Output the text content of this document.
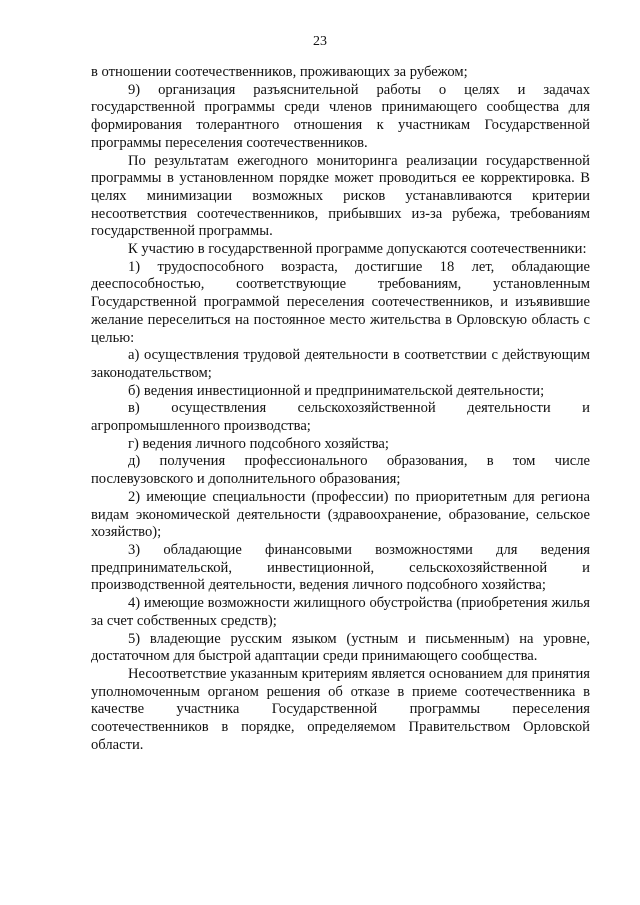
23

в отношении соотечественников, проживающих за рубежом;

9) организация разъяснительной работы о целях и задачах государственной программы среди членов принимающего сообщества для формирования толерантного отношения к участникам Государственной программы переселения соотечественников.

По результатам ежегодного мониторинга реализации государственной программы в установленном порядке может проводиться ее корректировка. В целях минимизации возможных рисков устанавливаются критерии несоответствия соотечественников, прибывших из-за рубежа, требованиям государственной программы.

К участию в государственной программе допускаются соотечественники:

1) трудоспособного возраста, достигшие 18 лет, обладающие дееспособностью, соответствующие требованиям, установленным Государственной программой переселения соотечественников, и изъявившие желание переселиться на постоянное место жительства в Орловскую область с целью:

а) осуществления трудовой деятельности в соответствии с действующим законодательством;

б) ведения инвестиционной и предпринимательской деятельности;

в) осуществления сельскохозяйственной деятельности и агропромышленного производства;

г) ведения личного подсобного хозяйства;

д) получения профессионального образования, в том числе послевузовского и дополнительного образования;

2) имеющие специальности (профессии) по приоритетным для региона видам экономической деятельности (здравоохранение, образование, сельское хозяйство);

3) обладающие финансовыми возможностями для ведения предпринимательской, инвестиционной, сельскохозяйственной и производственной деятельности, ведения личного подсобного хозяйства;

4) имеющие возможности жилищного обустройства (приобретения жилья за счет собственных средств);

5) владеющие русским языком (устным и письменным) на уровне, достаточном для быстрой адаптации среди принимающего сообщества.

Несоответствие указанным критериям является основанием для принятия уполномоченным органом решения об отказе в приеме соотечественника в качестве участника Государственной программы переселения соотечественников в порядке, определяемом Правительством Орловской области.
